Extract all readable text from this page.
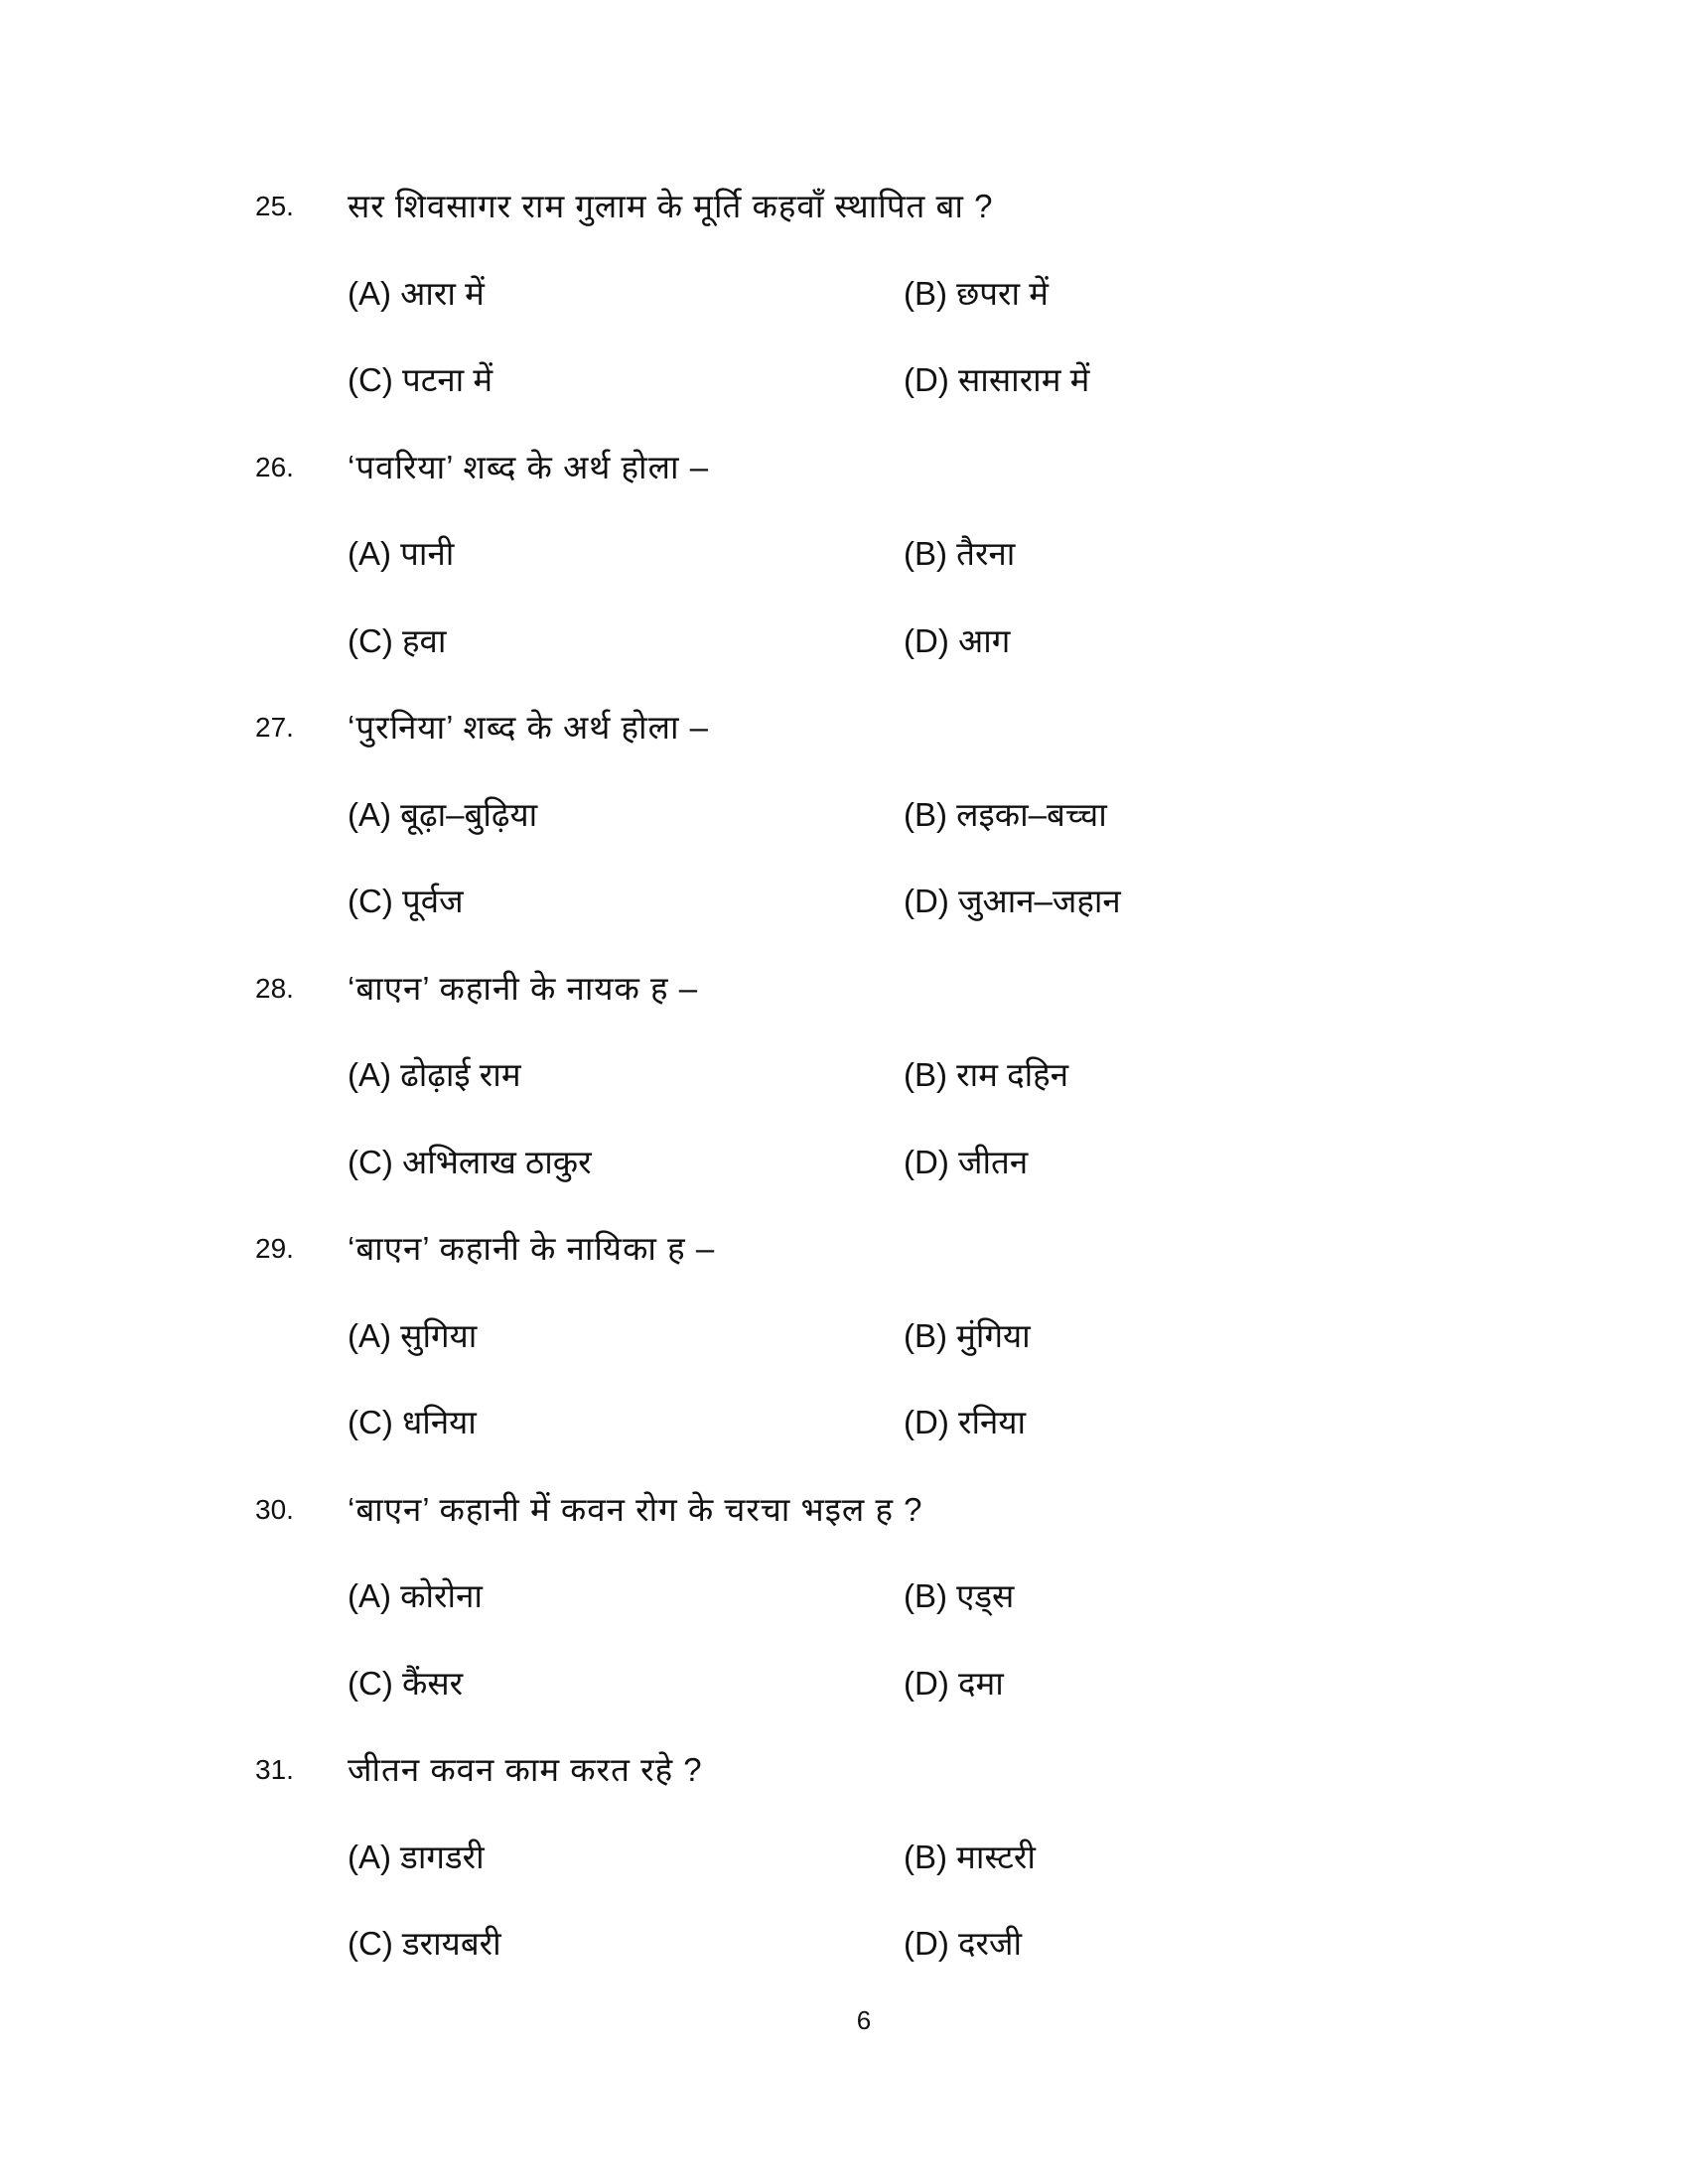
25. सर शिवसागर राम गुलाम के मूर्ति कहवाँ स्थापित बा ?
(A) आरा में	(B) छपरा में
(C) पटना में	(D) सासाराम में
26. ‘पवरिया’ शब्द के अर्थ होला –
(A) पानी	(B) तैरना
(C) हवा	(D) आग
27. ‘पुरनिया’ शब्द के अर्थ होला –
(A) बूढ़ा–बुढ़िया	(B) लइका–बच्चा
(C) पूर्वज	(D) जुआन–जहान
28. ‘बाएन’ कहानी के नायक ह –
(A) ढोढ़ाई राम	(B) राम दहिन
(C) अभिलाख ठाकुर	(D) जीतन
29. ‘बाएन’ कहानी के नायिका ह –
(A) सुगिया	(B) मुंगिया
(C) धनिया	(D) रनिया
30. ‘बाएन’ कहानी में कवन रोग के चरचा भइल ह ?
(A) कोरोना	(B) एड्स
(C) कैंसर	(D) दमा
31. जीतन कवन काम करत रहे ?
(A) डागडरी	(B) मास्टरी
(C) डरायबरी	(D) दरजी
6
